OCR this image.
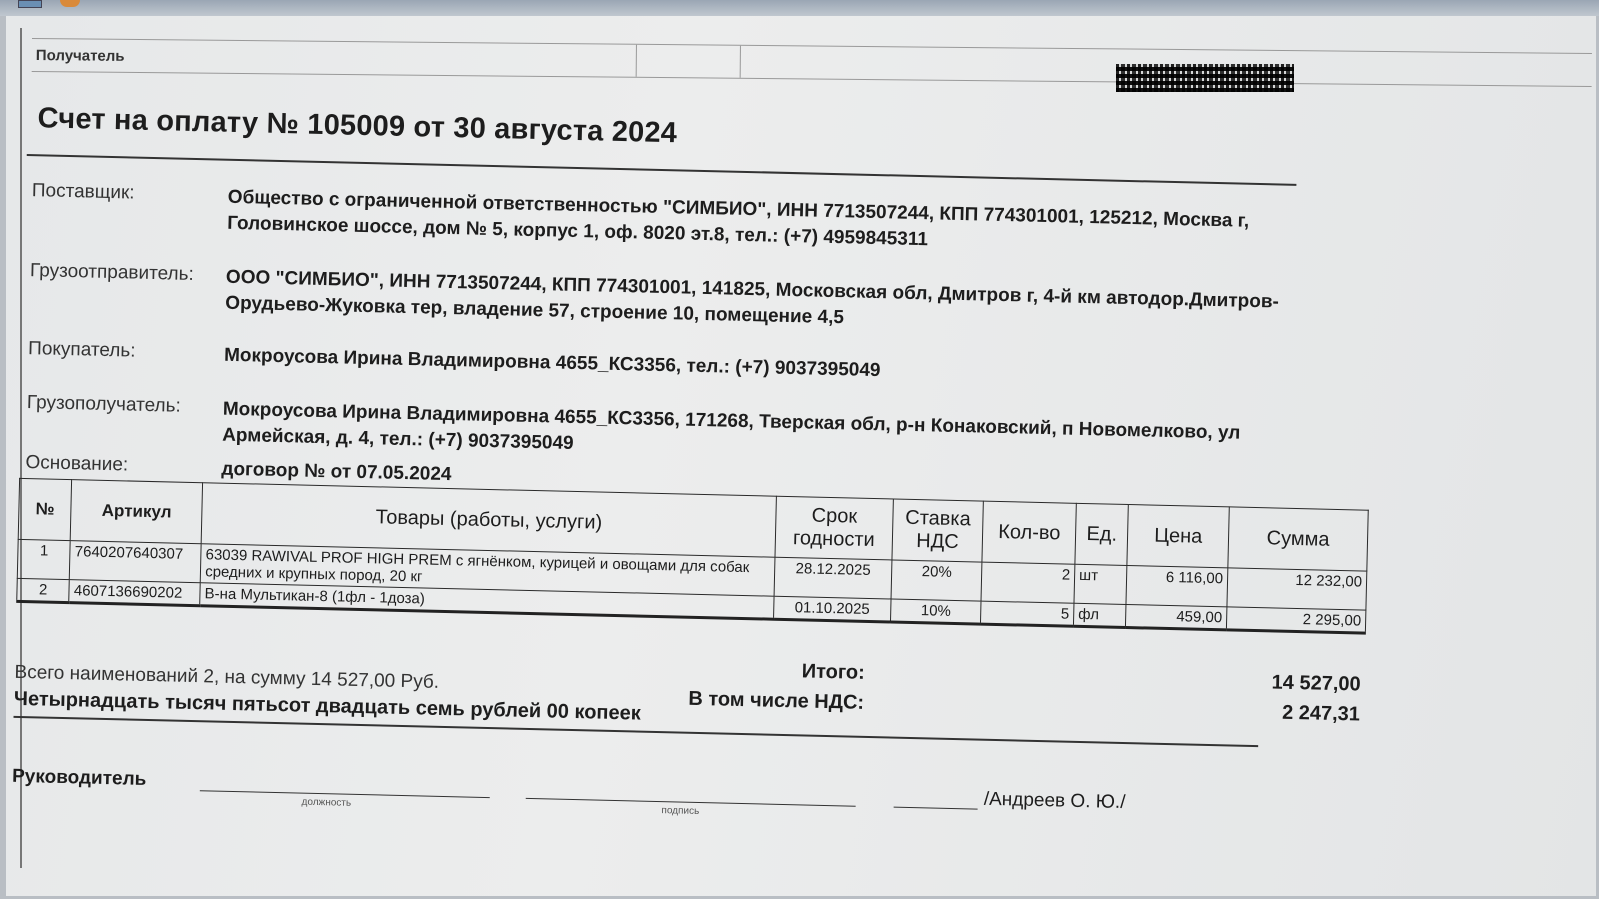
Получатель
Счет на оплату № 105009 от 30 августа 2024
Поставщик:	Общество с ограниченной ответственностью "СИМБИО", ИНН 7713507244, КПП 774301001, 125212, Москва г, Головинское шоссе, дом № 5, корпус 1, оф. 8020 эт.8, тел.: (+7) 4959845311
Грузоотправитель:	ООО "СИМБИО", ИНН 7713507244, КПП 774301001, 141825, Московская обл, Дмитров г, 4-й км автодор.Дмитров-Орудьево-Жуковка тер, владение 57, строение 10, помещение 4,5
Покупатель:	Мокроусова Ирина Владимировна 4655_КС3356, тел.: (+7) 9037395049
Грузополучатель:	Мокроусова Ирина Владимировна 4655_КС3356, 171268, Тверская обл, р-н Конаковский, п Новомелково, ул Армейская, д. 4, тел.: (+7) 9037395049
Основание:	договор № от 07.05.2024
№	Артикул	Товары (работы, услуги)	Срок годности	Ставка НДС	Кол-во	Ед.	Цена	Сумма
1	7640207640307	63039 RAWIVAL PROF HIGH PREM с ягнёнком, курицей и овощами для собак средних и крупных пород, 20 кг	28.12.2025	20%	2	шт	6 116,00	12 232,00
2	4607136690202	В-на Мультикан-8 (1фл - 1доза)	01.10.2025	10%	5	фл	459,00	2 295,00
Итого:	14 527,00
В том числе НДС:	2 247,31
Всего наименований 2, на сумму 14 527,00 Руб.
Четырнадцать тысяч пятьсот двадцать семь рублей 00 копеек
Руководитель
должность
подпись	/Андреев О. Ю./
